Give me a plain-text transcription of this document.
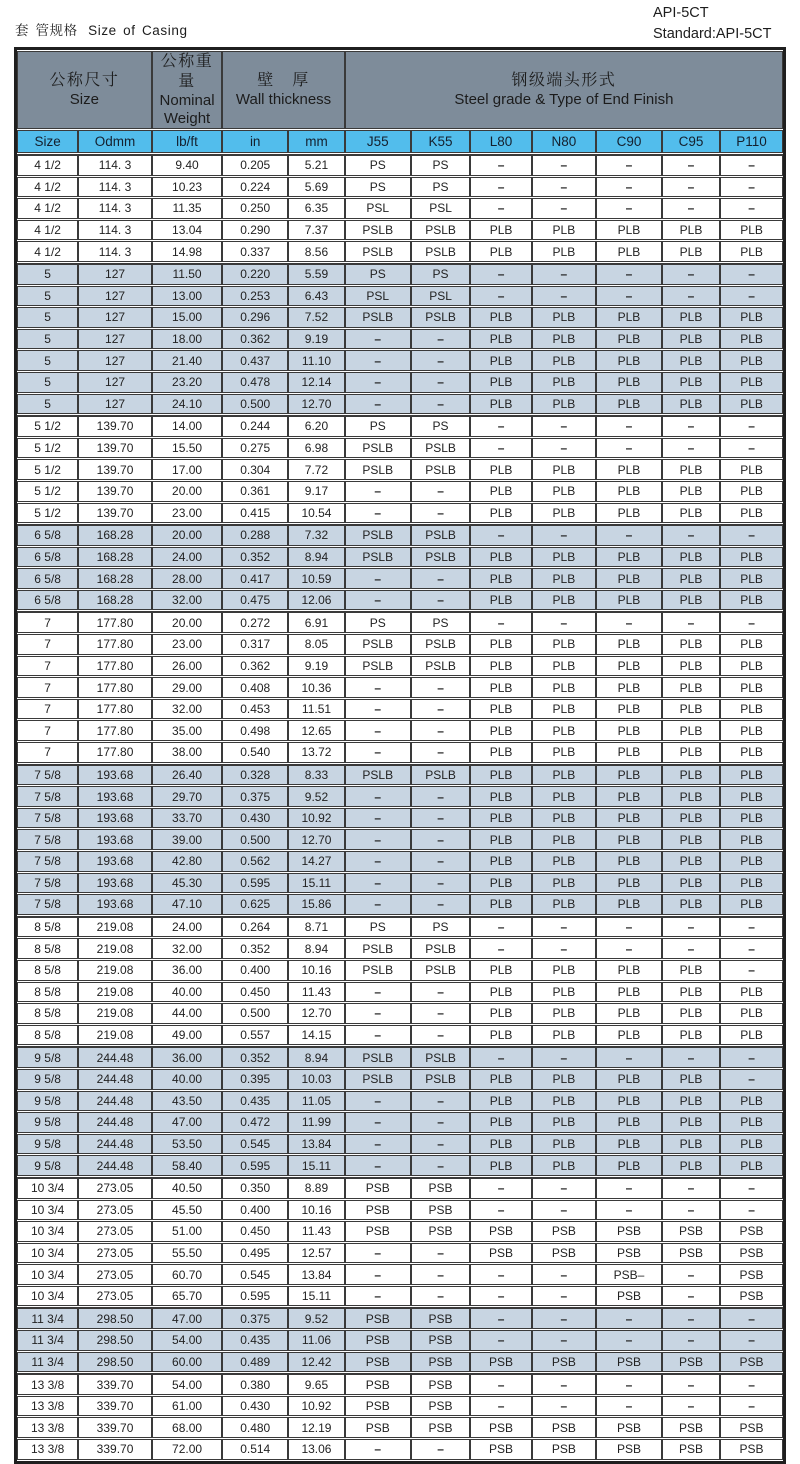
套 管规格 Size of Casing
API-5CT
Standard:API-5CT
公称尺寸
Size

公称重量
Nominal Weight

壁　厚
Wall thickness

钢级端头形式
Steel grade & Type of End Finish

Size	Odmm	lb/ft	in	mm	J55	K55	L80	N80	C90	C95	P110
4 1/2	114. 3	9.40	0.205	5.21	PS	PS	–	–	–	–	–
4 1/2	114. 3	10.23	0.224	5.69	PS	PS	–	–	–	–	–
4 1/2	114. 3	11.35	0.250	6.35	PSL	PSL	–	–	–	–	–
4 1/2	114. 3	13.04	0.290	7.37	PSLB	PSLB	PLB	PLB	PLB	PLB	PLB
4 1/2	114. 3	14.98	0.337	8.56	PSLB	PSLB	PLB	PLB	PLB	PLB	PLB
5	127	11.50	0.220	5.59	PS	PS	–	–	–	–	–
5	127	13.00	0.253	6.43	PSL	PSL	–	–	–	–	–
5	127	15.00	0.296	7.52	PSLB	PSLB	PLB	PLB	PLB	PLB	PLB
5	127	18.00	0.362	9.19	–	–	PLB	PLB	PLB	PLB	PLB
5	127	21.40	0.437	11.10	–	–	PLB	PLB	PLB	PLB	PLB
5	127	23.20	0.478	12.14	–	–	PLB	PLB	PLB	PLB	PLB
5	127	24.10	0.500	12.70	–	–	PLB	PLB	PLB	PLB	PLB
5 1/2	139.70	14.00	0.244	6.20	PS	PS	–	–	–	–	–
5 1/2	139.70	15.50	0.275	6.98	PSLB	PSLB	–	–	–	–	–
5 1/2	139.70	17.00	0.304	7.72	PSLB	PSLB	PLB	PLB	PLB	PLB	PLB
5 1/2	139.70	20.00	0.361	9.17	–	–	PLB	PLB	PLB	PLB	PLB
5 1/2	139.70	23.00	0.415	10.54	–	–	PLB	PLB	PLB	PLB	PLB
6 5/8	168.28	20.00	0.288	7.32	PSLB	PSLB	–	–	–	–	–
6 5/8	168.28	24.00	0.352	8.94	PSLB	PSLB	PLB	PLB	PLB	PLB	PLB
6 5/8	168.28	28.00	0.417	10.59	–	–	PLB	PLB	PLB	PLB	PLB
6 5/8	168.28	32.00	0.475	12.06	–	–	PLB	PLB	PLB	PLB	PLB
7	177.80	20.00	0.272	6.91	PS	PS	–	–	–	–	–
7	177.80	23.00	0.317	8.05	PSLB	PSLB	PLB	PLB	PLB	PLB	PLB
7	177.80	26.00	0.362	9.19	PSLB	PSLB	PLB	PLB	PLB	PLB	PLB
7	177.80	29.00	0.408	10.36	–	–	PLB	PLB	PLB	PLB	PLB
7	177.80	32.00	0.453	11.51	–	–	PLB	PLB	PLB	PLB	PLB
7	177.80	35.00	0.498	12.65	–	–	PLB	PLB	PLB	PLB	PLB
7	177.80	38.00	0.540	13.72	–	–	PLB	PLB	PLB	PLB	PLB
7 5/8	193.68	26.40	0.328	8.33	PSLB	PSLB	PLB	PLB	PLB	PLB	PLB
7 5/8	193.68	29.70	0.375	9.52	–	–	PLB	PLB	PLB	PLB	PLB
7 5/8	193.68	33.70	0.430	10.92	–	–	PLB	PLB	PLB	PLB	PLB
7 5/8	193.68	39.00	0.500	12.70	–	–	PLB	PLB	PLB	PLB	PLB
7 5/8	193.68	42.80	0.562	14.27	–	–	PLB	PLB	PLB	PLB	PLB
7 5/8	193.68	45.30	0.595	15.11	–	–	PLB	PLB	PLB	PLB	PLB
7 5/8	193.68	47.10	0.625	15.86	–	–	PLB	PLB	PLB	PLB	PLB
8 5/8	219.08	24.00	0.264	8.71	PS	PS	–	–	–	–	–
8 5/8	219.08	32.00	0.352	8.94	PSLB	PSLB	–	–	–	–	–
8 5/8	219.08	36.00	0.400	10.16	PSLB	PSLB	PLB	PLB	PLB	PLB	–
8 5/8	219.08	40.00	0.450	11.43	–	–	PLB	PLB	PLB	PLB	PLB
8 5/8	219.08	44.00	0.500	12.70	–	–	PLB	PLB	PLB	PLB	PLB
8 5/8	219.08	49.00	0.557	14.15	–	–	PLB	PLB	PLB	PLB	PLB
9 5/8	244.48	36.00	0.352	8.94	PSLB	PSLB	–	–	–	–	–
9 5/8	244.48	40.00	0.395	10.03	PSLB	PSLB	PLB	PLB	PLB	PLB	–
9 5/8	244.48	43.50	0.435	11.05	–	–	PLB	PLB	PLB	PLB	PLB
9 5/8	244.48	47.00	0.472	11.99	–	–	PLB	PLB	PLB	PLB	PLB
9 5/8	244.48	53.50	0.545	13.84	–	–	PLB	PLB	PLB	PLB	PLB
9 5/8	244.48	58.40	0.595	15.11	–	–	PLB	PLB	PLB	PLB	PLB
10 3/4	273.05	40.50	0.350	8.89	PSB	PSB	–	–	–	–	–
10 3/4	273.05	45.50	0.400	10.16	PSB	PSB	–	–	–	–	–
10 3/4	273.05	51.00	0.450	11.43	PSB	PSB	PSB	PSB	PSB	PSB	PSB
10 3/4	273.05	55.50	0.495	12.57	–	–	PSB	PSB	PSB	PSB	PSB
10 3/4	273.05	60.70	0.545	13.84	–	–	–	–	PSB–	–	PSB
10 3/4	273.05	65.70	0.595	15.11	–	–	–	–	PSB	–	PSB
11 3/4	298.50	47.00	0.375	9.52	PSB	PSB	–	–	–	–	–
11 3/4	298.50	54.00	0.435	11.06	PSB	PSB	–	–	–	–	–
11 3/4	298.50	60.00	0.489	12.42	PSB	PSB	PSB	PSB	PSB	PSB	PSB
13 3/8	339.70	54.00	0.380	9.65	PSB	PSB	–	–	–	–	–
13 3/8	339.70	61.00	0.430	10.92	PSB	PSB	–	–	–	–	–
13 3/8	339.70	68.00	0.480	12.19	PSB	PSB	PSB	PSB	PSB	PSB	PSB
13 3/8	339.70	72.00	0.514	13.06	–	–	PSB	PSB	PSB	PSB	PSB
